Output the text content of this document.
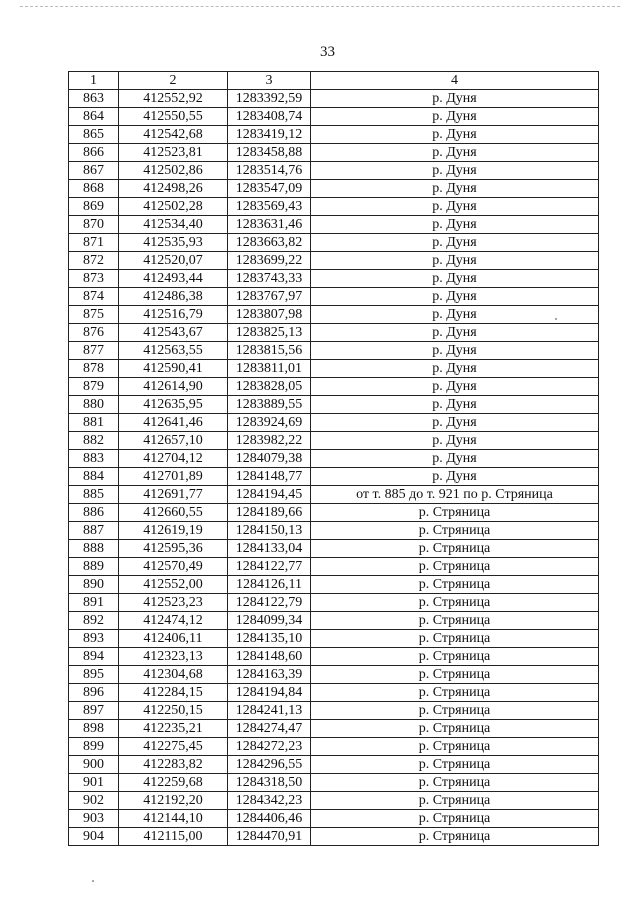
33
1	2	3	4
863	412552,92	1283392,59	р. Дуня
864	412550,55	1283408,74	р. Дуня
865	412542,68	1283419,12	р. Дуня
866	412523,81	1283458,88	р. Дуня
867	412502,86	1283514,76	р. Дуня
868	412498,26	1283547,09	р. Дуня
869	412502,28	1283569,43	р. Дуня
870	412534,40	1283631,46	р. Дуня
871	412535,93	1283663,82	р. Дуня
872	412520,07	1283699,22	р. Дуня
873	412493,44	1283743,33	р. Дуня
874	412486,38	1283767,97	р. Дуня
875	412516,79	1283807,98	р. Дуня
876	412543,67	1283825,13	р. Дуня
877	412563,55	1283815,56	р. Дуня
878	412590,41	1283811,01	р. Дуня
879	412614,90	1283828,05	р. Дуня
880	412635,95	1283889,55	р. Дуня
881	412641,46	1283924,69	р. Дуня
882	412657,10	1283982,22	р. Дуня
883	412704,12	1284079,38	р. Дуня
884	412701,89	1284148,77	р. Дуня
885	412691,77	1284194,45	от т. 885 до т. 921 по р. Стряница
886	412660,55	1284189,66	р. Стряница
887	412619,19	1284150,13	р. Стряница
888	412595,36	1284133,04	р. Стряница
889	412570,49	1284122,77	р. Стряница
890	412552,00	1284126,11	р. Стряница
891	412523,23	1284122,79	р. Стряница
892	412474,12	1284099,34	р. Стряница
893	412406,11	1284135,10	р. Стряница
894	412323,13	1284148,60	р. Стряница
895	412304,68	1284163,39	р. Стряница
896	412284,15	1284194,84	р. Стряница
897	412250,15	1284241,13	р. Стряница
898	412235,21	1284274,47	р. Стряница
899	412275,45	1284272,23	р. Стряница
900	412283,82	1284296,55	р. Стряница
901	412259,68	1284318,50	р. Стряница
902	412192,20	1284342,23	р. Стряница
903	412144,10	1284406,46	р. Стряница
904	412115,00	1284470,91	р. Стряница
